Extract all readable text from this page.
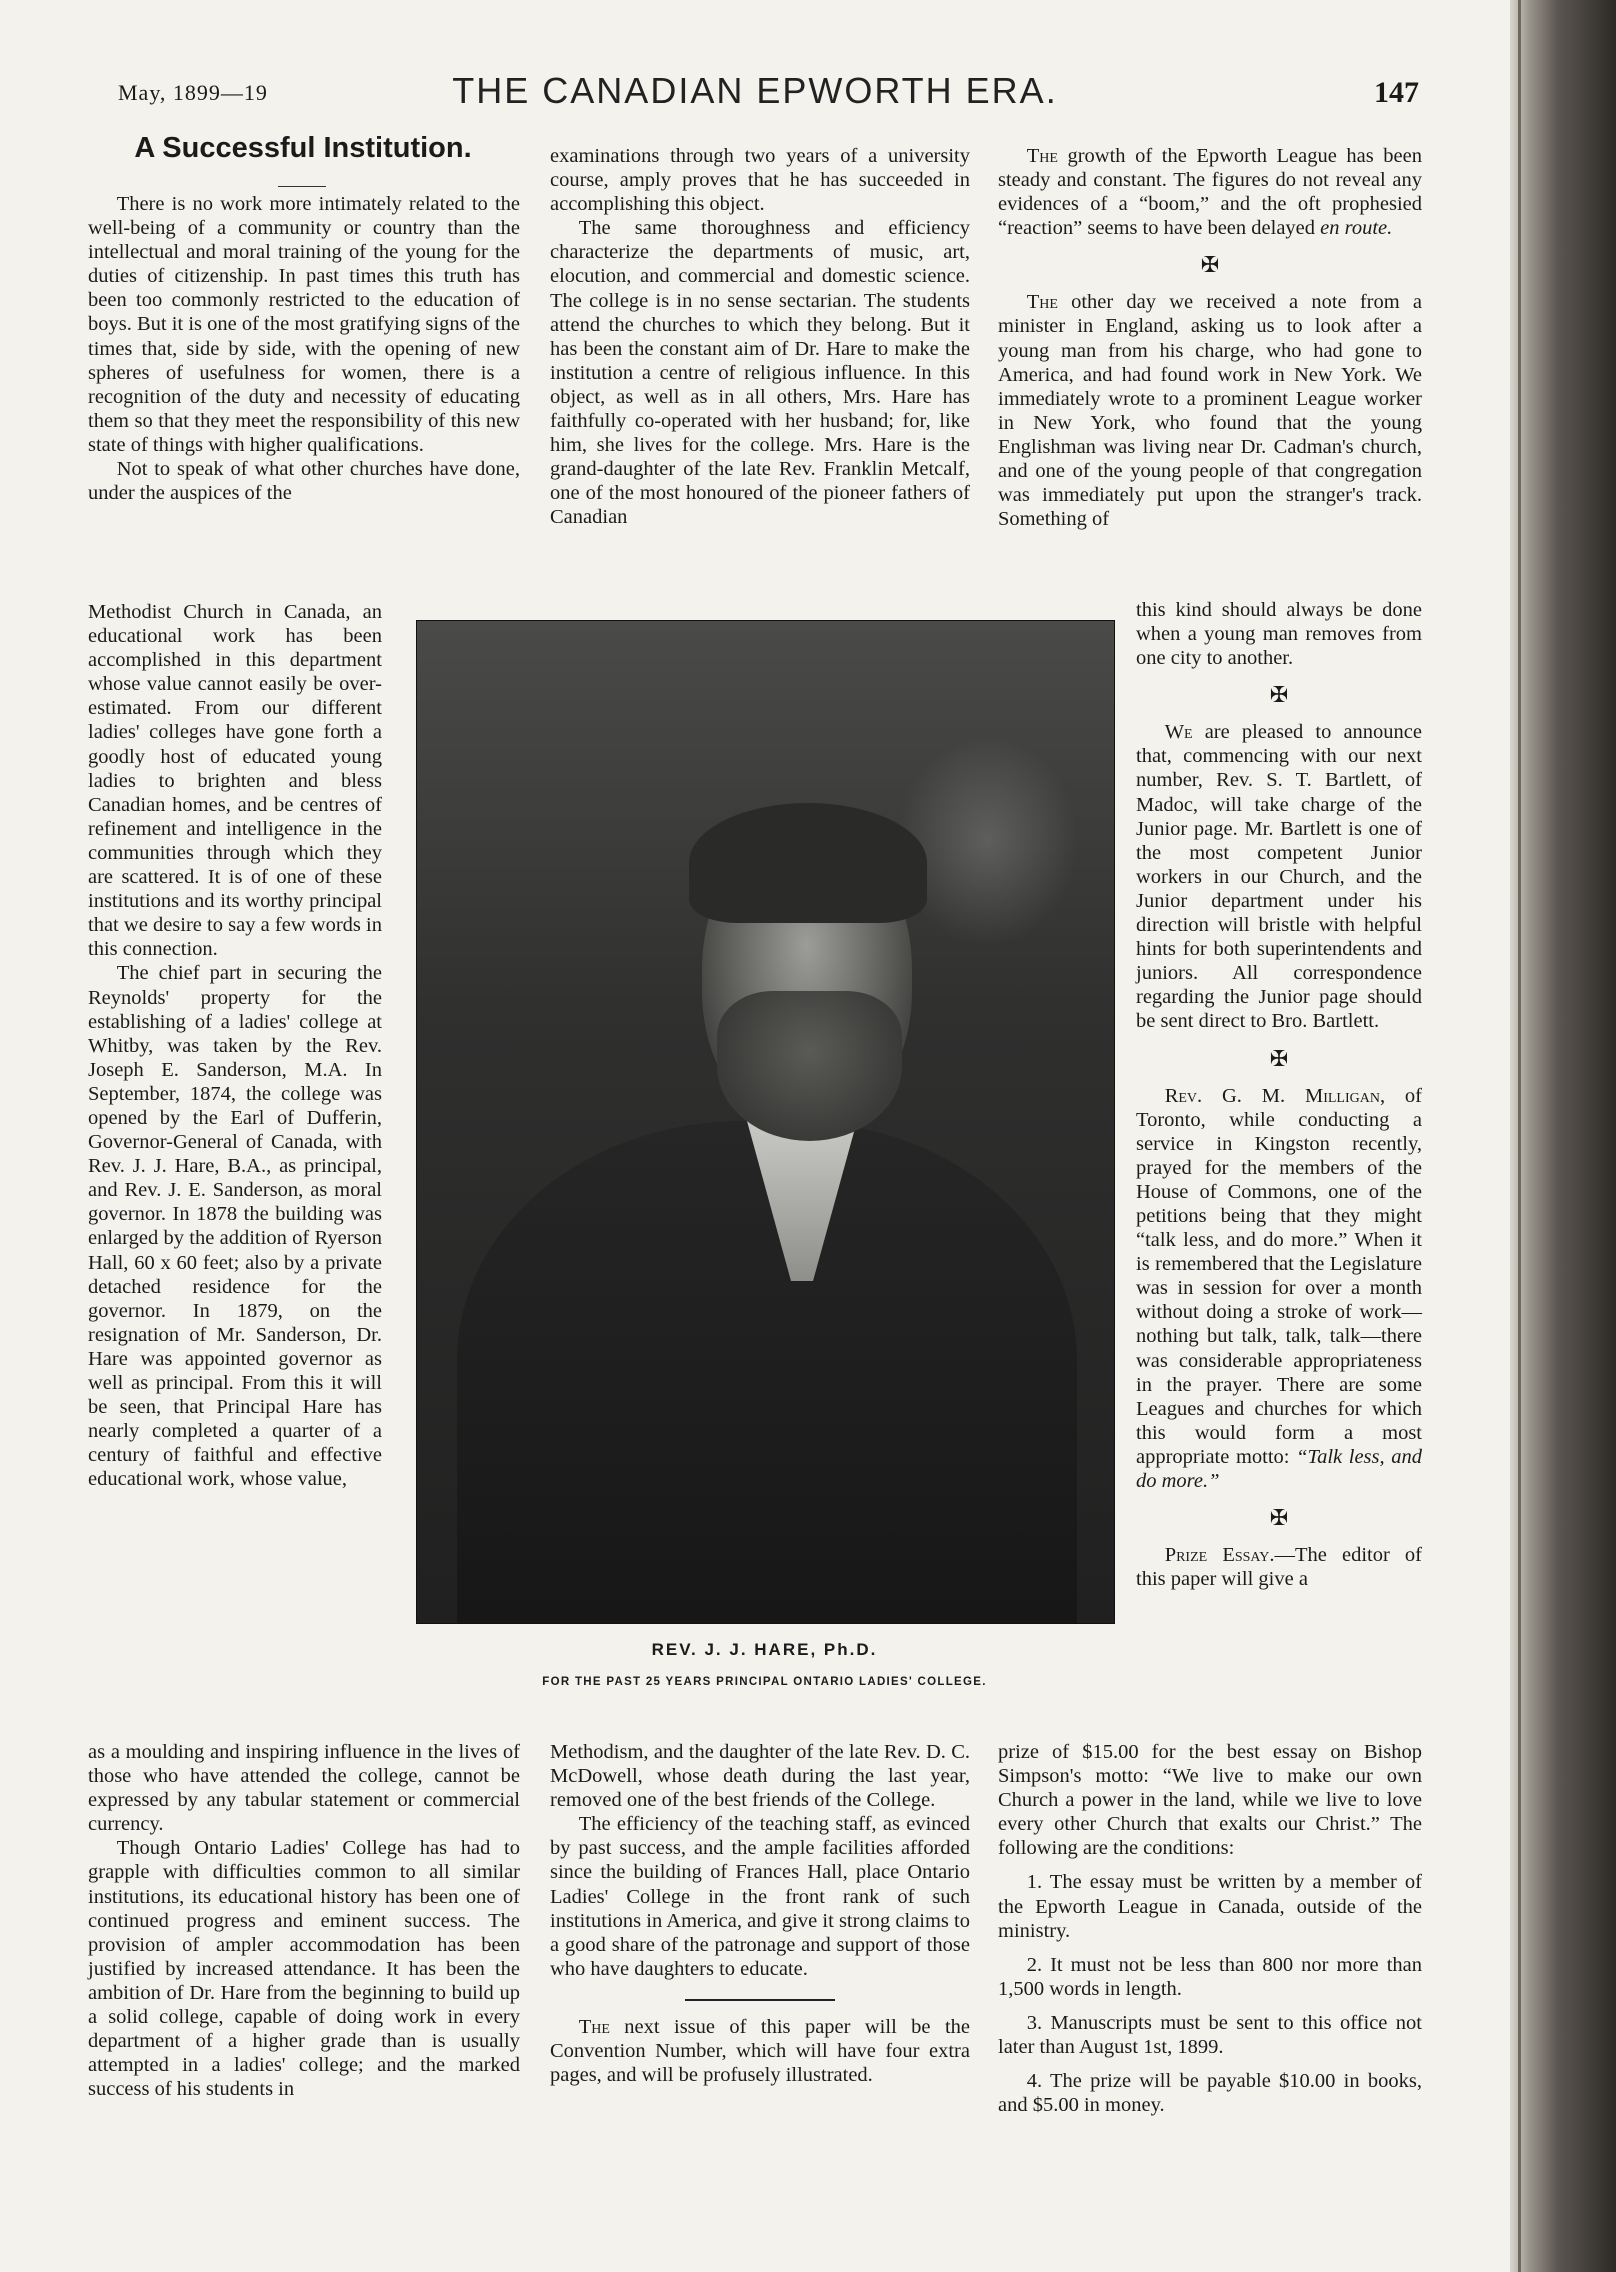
May, 1899—19	THE CANADIAN EPWORTH ERA.	147
A Successful Institution.

There is no work more intimately related to the well-being of a community or country than the intellectual and moral training of the young for the duties of citizenship. In past times this truth has been too commonly restricted to the education of boys. But it is one of the most gratifying signs of the times that, side by side, with the opening of new spheres of usefulness for women, there is a recognition of the duty and necessity of educating them so that they meet the responsibility of this new state of things with higher qualifications.

Not to speak of what other churches have done, under the auspices of the

Methodist Church in Canada, an educational work has been accomplished in this department whose value cannot easily be over-estimated. From our different ladies' colleges have gone forth a goodly host of educated young ladies to brighten and bless Canadian homes, and be centres of refinement and intelligence in the communities through which they are scattered. It is of one of these institutions and its worthy principal that we desire to say a few words in this connection.

The chief part in securing the Reynolds' property for the establishing of a ladies' college at Whitby, was taken by the Rev. Joseph E. Sanderson, M.A. In September, 1874, the college was opened by the Earl of Dufferin, Governor-General of Canada, with Rev. J. J. Hare, B.A., as principal, and Rev. J. E. Sanderson, as moral governor. In 1878 the building was enlarged by the addition of Ryerson Hall, 60 x 60 feet; also by a private detached residence for the governor. In 1879, on the resignation of Mr. Sanderson, Dr. Hare was appointed governor as well as principal. From this it will be seen, that Principal Hare has nearly completed a quarter of a century of faithful and effective educational work, whose value,

as a moulding and inspiring influence in the lives of those who have attended the college, cannot be expressed by any tabular statement or commercial currency.

Though Ontario Ladies' College has had to grapple with difficulties common to all similar institutions, its educational history has been one of continued progress and eminent success. The provision of ampler accommodation has been justified by increased attendance. It has been the ambition of Dr. Hare from the beginning to build up a solid college, capable of doing work in every department of a higher grade than is usually attempted in a ladies' college; and the marked success of his students in

examinations through two years of a university course, amply proves that he has succeeded in accomplishing this object.

The same thoroughness and efficiency characterize the departments of music, art, elocution, and commercial and domestic science. The college is in no sense sectarian. The students attend the churches to which they belong. But it has been the constant aim of Dr. Hare to make the institution a centre of religious influence. In this object, as well as in all others, Mrs. Hare has faithfully co-operated with her husband; for, like him, she lives for the college. Mrs. Hare is the grand-daughter of the late Rev. Franklin Metcalf, one of the most honoured of the pioneer fathers of Canadian

REV. J. J. HARE, Ph.D.
FOR THE PAST 25 YEARS PRINCIPAL ONTARIO LADIES' COLLEGE.

Methodism, and the daughter of the late Rev. D. C. McDowell, whose death during the last year, removed one of the best friends of the College.

The efficiency of the teaching staff, as evinced by past success, and the ample facilities afforded since the building of Frances Hall, place Ontario Ladies' College in the front rank of such institutions in America, and give it strong claims to a good share of the patronage and support of those who have daughters to educate.

The next issue of this paper will be the Convention Number, which will have four extra pages, and will be profusely illustrated.

The growth of the Epworth League has been steady and constant. The figures do not reveal any evidences of a “boom,” and the oft prophesied “reaction” seems to have been delayed en route.

✠

The other day we received a note from a minister in England, asking us to look after a young man from his charge, who had gone to America, and had found work in New York. We immediately wrote to a prominent League worker in New York, who found that the young Englishman was living near Dr. Cadman's church, and one of the young people of that congregation was immediately put upon the stranger's track. Something of

this kind should always be done when a young man removes from one city to another.

✠

We are pleased to announce that, commencing with our next number, Rev. S. T. Bartlett, of Madoc, will take charge of the Junior page. Mr. Bartlett is one of the most competent Junior workers in our Church, and the Junior department under his direction will bristle with helpful hints for both superintendents and juniors. All correspondence regarding the Junior page should be sent direct to Bro. Bartlett.

✠

Rev. G. M. Milligan, of Toronto, while conducting a service in Kingston recently, prayed for the members of the House of Commons, one of the petitions being that they might “talk less, and do more.” When it is remembered that the Legislature was in session for over a month without doing a stroke of work—nothing but talk, talk, talk—there was considerable appropriateness in the prayer. There are some Leagues and churches for which this would form a most appropriate motto: “Talk less, and do more.”

✠

Prize Essay.—The editor of this paper will give a

prize of $15.00 for the best essay on Bishop Simpson's motto: “We live to make our own Church a power in the land, while we live to love every other Church that exalts our Christ.” The following are the conditions:

1. The essay must be written by a member of the Epworth League in Canada, outside of the ministry.

2. It must not be less than 800 nor more than 1,500 words in length.

3. Manuscripts must be sent to this office not later than August 1st, 1899.

4. The prize will be payable $10.00 in books, and $5.00 in money.
